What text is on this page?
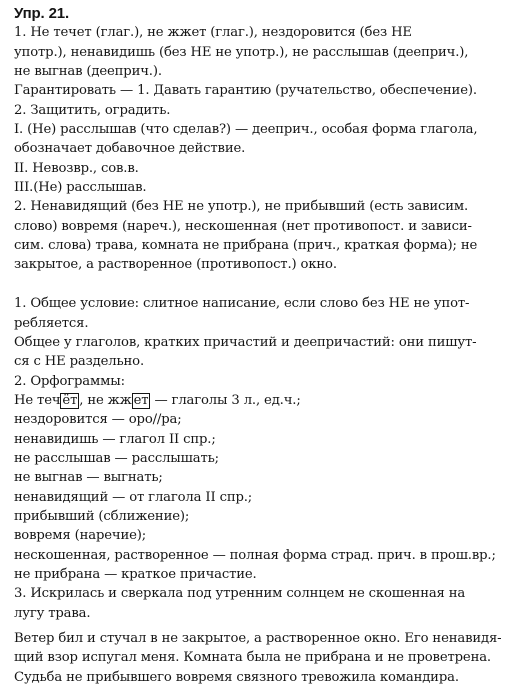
Упр. 21.
1. Не течет (глаг.), не жжет (глаг.), нездоровится (без НЕ
употр.), ненавидишь (без НЕ не употр.), не расслышав (дееприч.),
не выгнав (дееприч.).
Гарантировать — 1. Давать гарантию (ручательство, обеспечение).
2. Защитить, оградить.
I. (Не) расслышав (что сделав?) — дееприч., особая форма глагола,
обозначает добавочное действие.
II. Невозвр., сов.в.
III.(Не) расслышав.
2. Ненавидящий (без НЕ не употр.), не прибывший (есть зависим.
слово) вовремя (нареч.), нескошенная (нет противопост. и зависи-
сим. слова) трава, комната не прибрана (прич., краткая форма); не
закрытое, а растворенное (противопост.) окно.
1. Общее условие: слитное написание, если слово без НЕ не упот-
ребляется.
Общее у глаголов, кратких причастий и деепричастий: они пишут-
ся с НЕ раздельно.
2. Орфограммы:
Не теч ёт , не жж ет — глаголы 3 л., ед.ч.;
нездоровится — оро//ра;
ненавидишь — глагол II спр.;
не расслышав — расслышать;
не выгнав — выгнать;
ненавидящий — от глагола II спр.;
прибывший (сближение);
вовремя (наречие);
нескошенная, растворенное — полная форма страд. прич. в прош.вр.;
не прибрана — краткое причастие.
3. Искрилась и сверкала под утренним солнцем не скошенная на
лугу трава.
Ветер бил и стучал в не закрытое, а растворенное окно. Его ненавидя-
щий взор испугал меня. Комната была не прибрана и не проветрена.
Судьба не прибывшего вовремя связного тревожила командира.
